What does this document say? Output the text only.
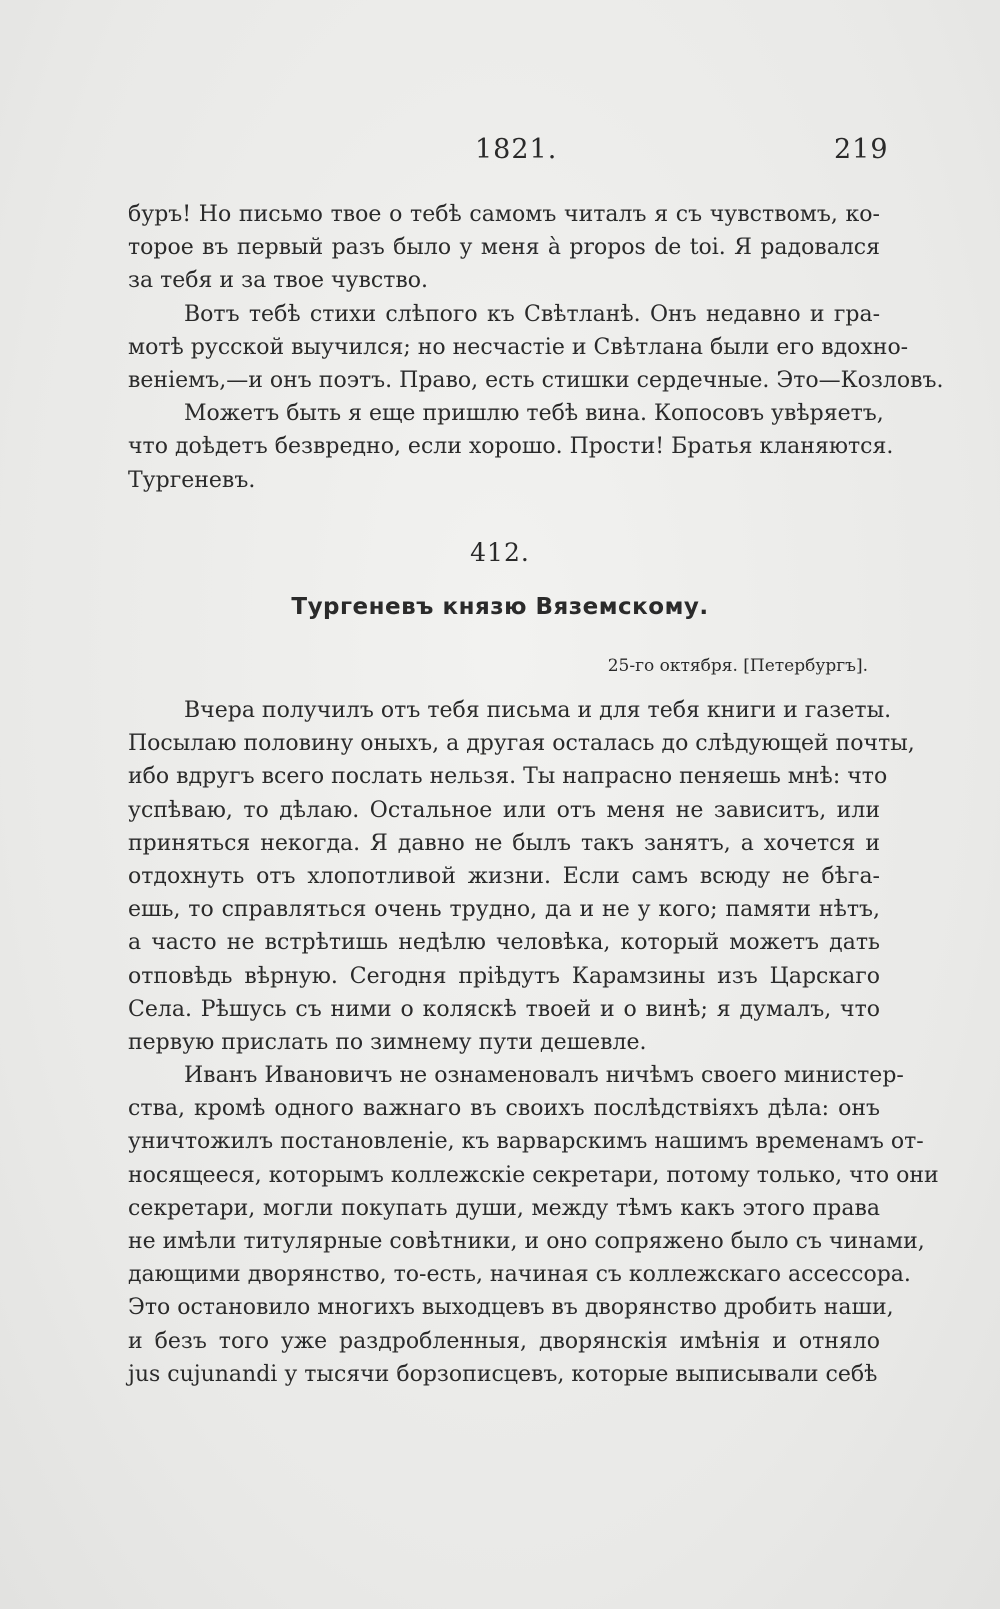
1821.	219
буръ! Но письмо твое о тебѣ самомъ читалъ я съ чувствомъ, ко-
торое въ первый разъ было у меня à propos de toi. Я радовался
за тебя и за твое чувство.
Вотъ тебѣ стихи слѣпого къ Свѣтланѣ. Онъ недавно и гра-
мотѣ русской выучился; но несчастіе и Свѣтлана были его вдохно-
веніемъ,—и онъ поэтъ. Право, есть стишки сердечные. Это—Козловъ.
Можетъ быть я еще пришлю тебѣ вина. Копосовъ увѣряетъ,
что доѣдетъ безвредно, если хорошо. Прости! Братья кланяются.
Тургеневъ.
412.
Тургеневъ князю Вяземскому.
25-го октября. [Петербургъ].
Вчера получилъ отъ тебя письма и для тебя книги и газеты.
Посылаю половину оныхъ, а другая осталась до слѣдующей почты,
ибо вдругъ всего послать нельзя. Ты напрасно пеняешь мнѣ: что
успѣваю, то дѣлаю. Остальное или отъ меня не зависитъ, или
приняться некогда. Я давно не былъ такъ занятъ, а хочется и
отдохнуть отъ хлопотливой жизни. Если самъ всюду не бѣга-
ешь, то справляться очень трудно, да и не у кого; памяти нѣтъ,
а часто не встрѣтишь недѣлю человѣка, который можетъ дать
отповѣдь вѣрную. Сегодня пріѣдутъ Карамзины изъ Царскаго
Села. Рѣшусь съ ними о коляскѣ твоей и о винѣ; я думалъ, что
первую прислать по зимнему пути дешевле.
Иванъ Ивановичъ не ознаменовалъ ничѣмъ своего министер-
ства, кромѣ одного важнаго въ своихъ послѣдствіяхъ дѣла: онъ
уничтожилъ постановленіе, къ варварскимъ нашимъ временамъ от-
носящееся, которымъ коллежскіе секретари, потому только, что они
секретари, могли покупать души, между тѣмъ какъ этого права
не имѣли титулярные совѣтники, и оно сопряжено было съ чинами,
дающими дворянство, то-есть, начиная съ коллежскаго ассессора.
Это остановило многихъ выходцевъ въ дворянство дробить наши,
и безъ того уже раздробленныя, дворянскія имѣнія и отняло
jus cujunandi у тысячи борзописцевъ, которые выписывали себѣ
